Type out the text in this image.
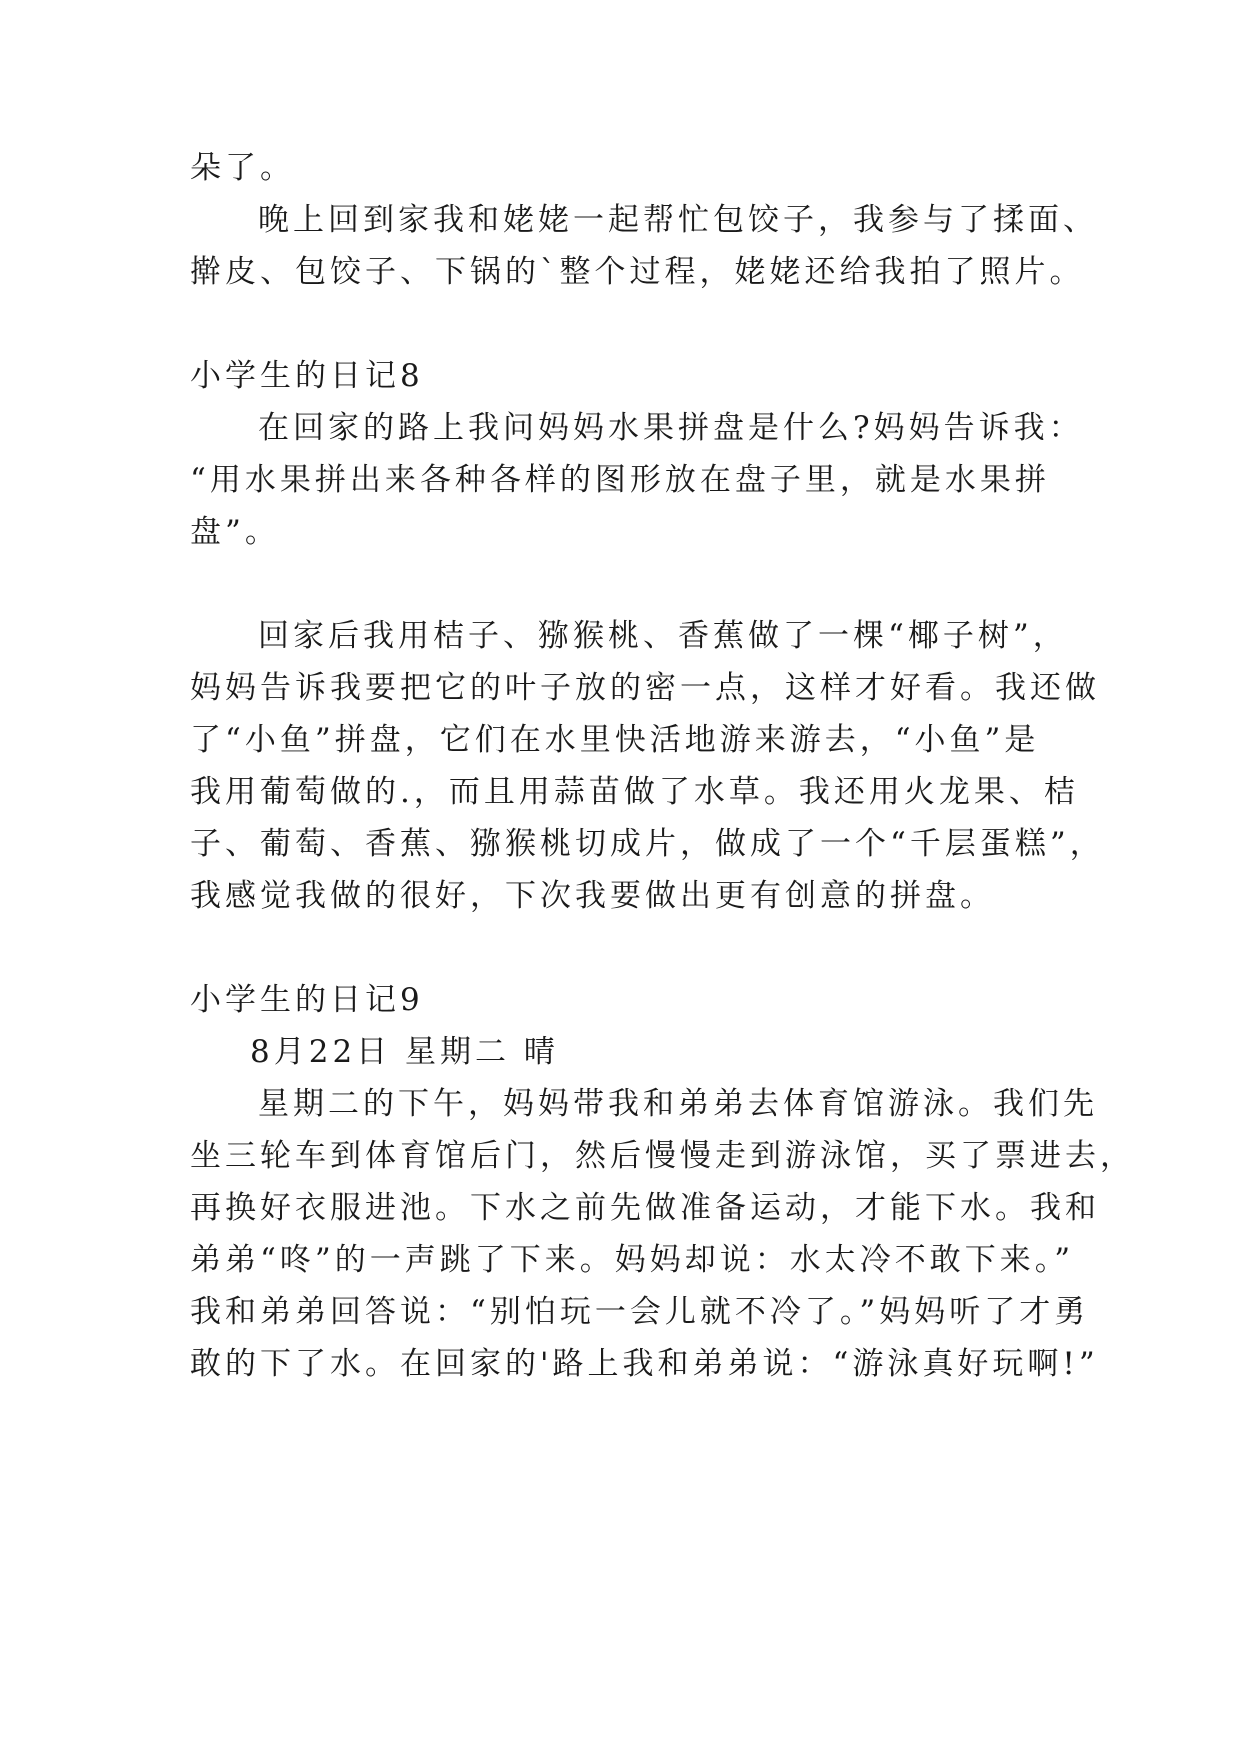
朵了。
晚上回到家我和姥姥一起帮忙包饺子，我参与了揉面、
擀皮、包饺子、下锅的`整个过程，姥姥还给我拍了照片。
小学生的日记8
在回家的路上我问妈妈水果拼盘是什么?妈妈告诉我：
“用水果拼出来各种各样的图形放在盘子里，就是水果拼
盘”。
回家后我用桔子、猕猴桃、香蕉做了一棵“椰子树”，
妈妈告诉我要把它的叶子放的密一点，这样才好看。我还做
了“小鱼”拼盘，它们在水里快活地游来游去，“小鱼”是
我用葡萄做的.，而且用蒜苗做了水草。我还用火龙果、桔
子、葡萄、香蕉、猕猴桃切成片，做成了一个“千层蛋糕”，
我感觉我做的很好，下次我要做出更有创意的拼盘。
小学生的日记9
8月22日 星期二 晴
星期二的下午，妈妈带我和弟弟去体育馆游泳。我们先
坐三轮车到体育馆后门，然后慢慢走到游泳馆，买了票进去，
再换好衣服进池。下水之前先做准备运动，才能下水。我和
弟弟“咚”的一声跳了下来。妈妈却说：水太冷不敢下来。”
我和弟弟回答说：“别怕玩一会儿就不冷了。”妈妈听了才勇
敢的下了水。在回家的'路上我和弟弟说：“游泳真好玩啊!”
